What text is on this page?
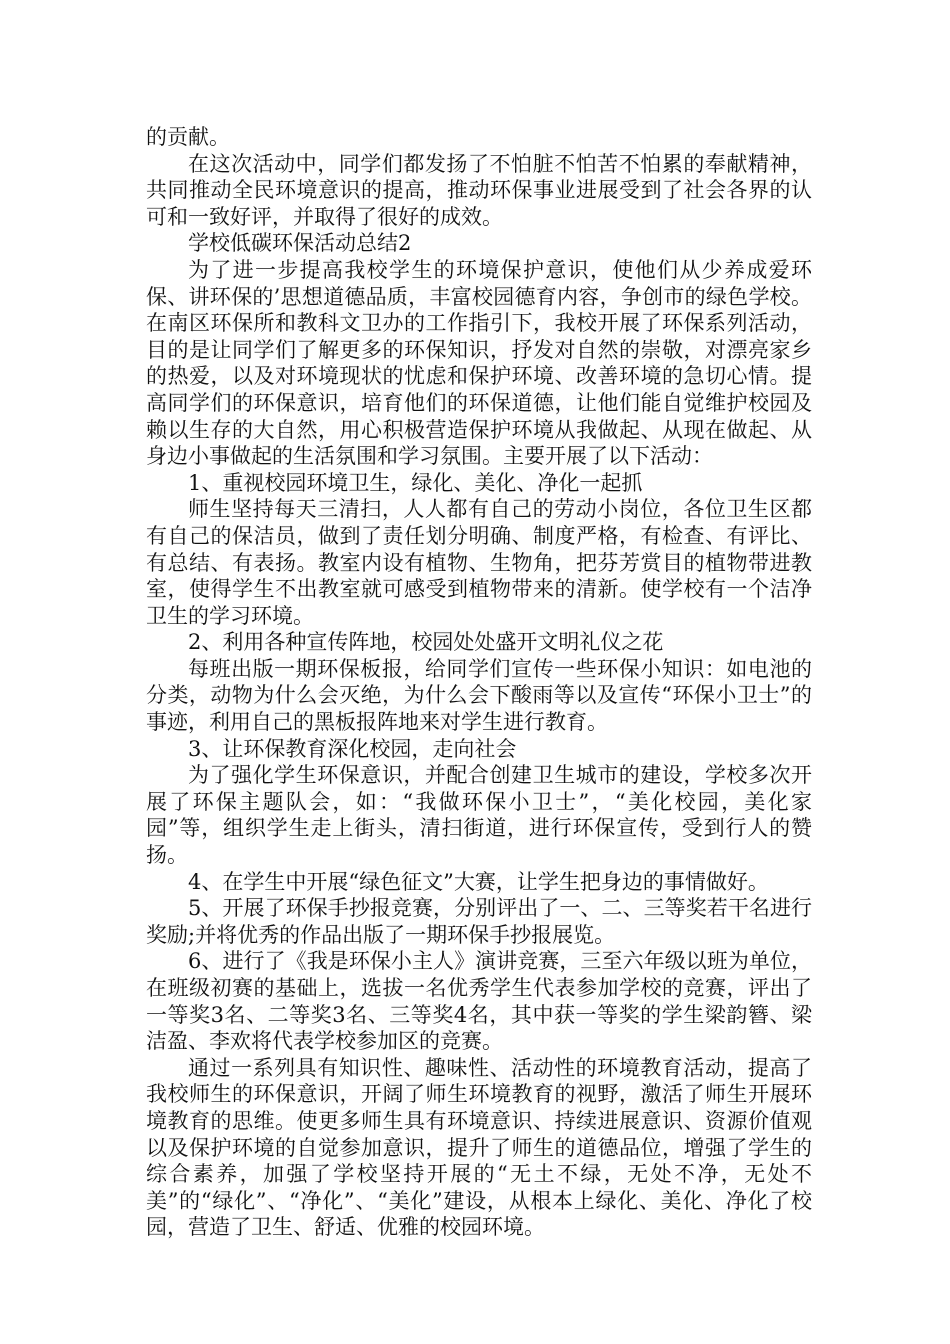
的贡献。

在这次活动中，同学们都发扬了不怕脏不怕苦不怕累的奉献精神，共同推动全民环境意识的提高，推动环保事业进展受到了社会各界的认可和一致好评，并取得了很好的成效。

学校低碳环保活动总结2

为了进一步提高我校学生的环境保护意识，使他们从少养成爱环保、讲环保的’思想道德品质，丰富校园德育内容，争创市的绿色学校。在南区环保所和教科文卫办的工作指引下，我校开展了环保系列活动，目的是让同学们了解更多的环保知识，抒发对自然的崇敬，对漂亮家乡的热爱，以及对环境现状的忧虑和保护环境、改善环境的急切心情。提高同学们的环保意识，培育他们的环保道德，让他们能自觉维护校园及赖以生存的大自然，用心积极营造保护环境从我做起、从现在做起、从身边小事做起的生活氛围和学习氛围。主要开展了以下活动：

1、重视校园环境卫生，绿化、美化、净化一起抓

师生坚持每天三清扫，人人都有自己的劳动小岗位，各位卫生区都有自己的保洁员，做到了责任划分明确、制度严格，有检查、有评比、有总结、有表扬。教室内设有植物、生物角，把芬芳赏目的植物带进教室，使得学生不出教室就可感受到植物带来的清新。使学校有一个洁净卫生的学习环境。

2、利用各种宣传阵地，校园处处盛开文明礼仪之花

每班出版一期环保板报，给同学们宣传一些环保小知识：如电池的分类，动物为什么会灭绝，为什么会下酸雨等以及宣传“环保小卫士”的事迹，利用自己的黑板报阵地来对学生进行教育。

3、让环保教育深化校园，走向社会

为了强化学生环保意识，并配合创建卫生城市的建设，学校多次开展了环保主题队会，如：“我做环保小卫士”，“美化校园，美化家园”等，组织学生走上街头，清扫街道，进行环保宣传，受到行人的赞扬。

4、在学生中开展“绿色征文”大赛，让学生把身边的事情做好。

5、开展了环保手抄报竞赛，分别评出了一、二、三等奖若干名进行奖励;并将优秀的作品出版了一期环保手抄报展览。

6、进行了《我是环保小主人》演讲竞赛，三至六年级以班为单位，在班级初赛的基础上，选拔一名优秀学生代表参加学校的竞赛，评出了一等奖3名、二等奖3名、三等奖4名，其中获一等奖的学生梁韵簪、梁洁盈、李欢将代表学校参加区的竞赛。

通过一系列具有知识性、趣味性、活动性的环境教育活动，提高了我校师生的环保意识，开阔了师生环境教育的视野，激活了师生开展环境教育的思维。使更多师生具有环境意识、持续进展意识、资源价值观以及保护环境的自觉参加意识，提升了师生的道德品位，增强了学生的综合素养，加强了学校坚持开展的“无土不绿，无处不净，无处不美”的“绿化”、“净化”、“美化”建设，从根本上绿化、美化、净化了校园，营造了卫生、舒适、优雅的校园环境。
